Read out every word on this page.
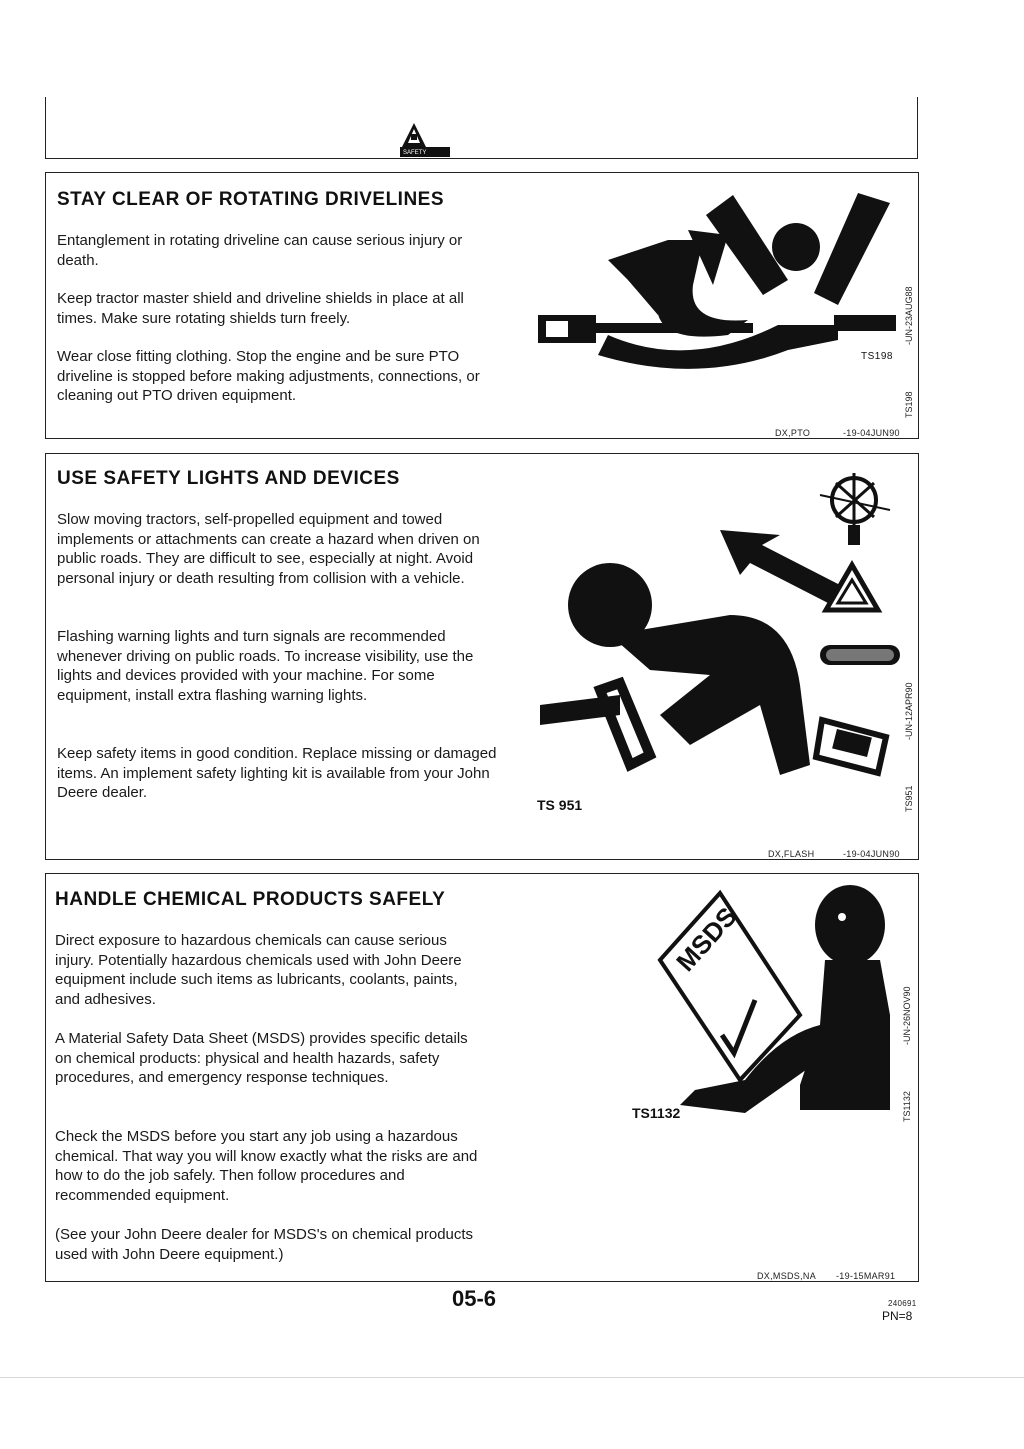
SAFETY
STAY CLEAR OF ROTATING DRIVELINES

Entanglement in rotating driveline can cause serious injury or death.

Keep tractor master shield and driveline shields in place at all times. Make sure rotating shields turn freely.

Wear close fitting clothing. Stop the engine and be sure PTO driveline is stopped before making adjustments, connections, or cleaning out PTO driven equipment.

TS198
-UN-23AUG88
TS198
DX,PTO	-19-04JUN90
USE SAFETY LIGHTS AND DEVICES

Slow moving tractors, self-propelled equipment and towed implements or attachments can create a hazard when driven on public roads. They are difficult to see, especially at night. Avoid personal injury or death resulting from collision with a vehicle.

Flashing warning lights and turn signals are recommended whenever driving on public roads. To increase visibility, use the lights and devices provided with your machine. For some equipment, install extra flashing warning lights.

Keep safety items in good condition. Replace missing or damaged items. An implement safety lighting kit is available from your John Deere dealer.

TS 951
-UN-12APR90
TS951
DX,FLASH	-19-04JUN90
HANDLE CHEMICAL PRODUCTS SAFELY

Direct exposure to hazardous chemicals can cause serious injury. Potentially hazardous chemicals used with John Deere equipment include such items as lubricants, coolants, paints, and adhesives.

A Material Safety Data Sheet (MSDS) provides specific details on chemical products: physical and health hazards, safety procedures, and emergency response techniques.

Check the MSDS before you start any job using a hazardous chemical. That way you will know exactly what the risks are and how to do the job safely. Then follow procedures and recommended equipment.

(See your John Deere dealer for MSDS's on chemical products used with John Deere equipment.)

MSDS
TS1132
-UN-26NOV90
TS1132
DX,MSDS,NA -19-15MAR91
05-6	240691
PN=8
